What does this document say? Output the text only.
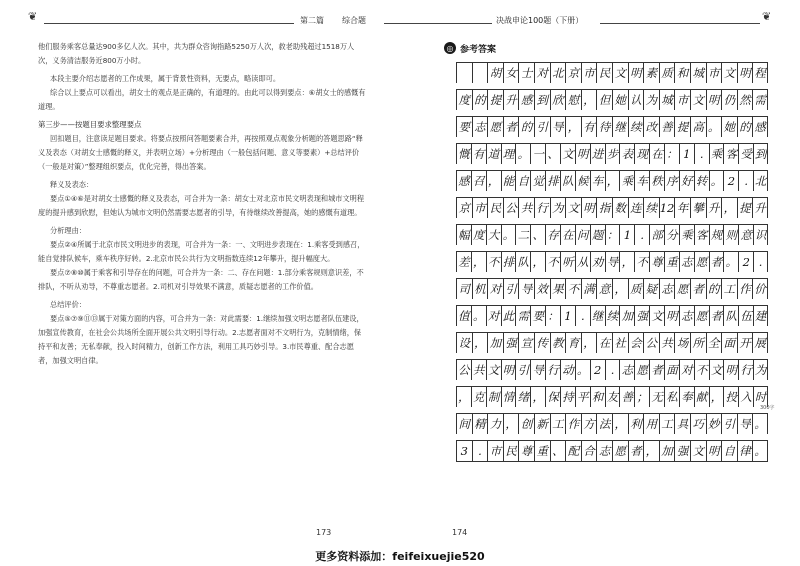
❦	第二篇 综合题	决战申论100题（下册）	❦

他们服务乘客总量达900多亿人次。其中，共为群众咨询指路5250万人次，救老助残超过1518万人次，义务清洁服务近800万小时。

本段主要介绍志愿者的工作成果，属于背景性资料，无要点，略读即可。

综合以上要点可以看出，胡女士的观点是正确的，有道理的。由此可以得到要点：⑥胡女士的感慨有道理。

第三步——按题目要求整理要点

回扣题目，注意读足题目要求。将要点按照问答题要素合并，再按照观点观象分析题的答题思路“释义及表态（对胡女士感慨的释义，并表明立场）+分析理由（一般包括问题、意义等要素）+总结评价（一般是对策）”整理组织要点，优化完善，得出答案。

释义及表态：

要点①④⑥是对胡女士感慨的释义及表态，可合并为一条：胡女士对北京市民文明表现和城市文明程度的提升感到欣慰，但她认为城市文明仍然需要志愿者的引导，有待继续改善提高，她的感慨有道理。

分析理由：

要点②④所属于北京市民文明进步的表现，可合并为一条：一、文明进步表现在：1.乘客受到感召，能自觉排队候车，乘车秩序好转。2.北京市民公共行为文明指数连续12年攀升，提升幅度大。

要点⑦⑧⑩属于乘客和引导存在的问题，可合并为一条：二、存在问题：1.部分乘客规则意识差，不排队，不听从劝导，不尊重志愿者。2.司机对引导效果不满意，质疑志愿者的工作价值。

总结评价：

要点⑤⑦⑨⑪⑬属于对策方面的内容，可合并为一条：对此需要：1.继续加强文明志愿者队伍建设，加强宣传教育，在社会公共场所全面开展公共文明引导行动。2.志愿者面对不文明行为，克制情绪，保持平和友善；无私奉献，投入时间精力，创新工作方法，利用工具巧妙引导。3.市民尊重、配合志愿者，加强文明自律。

173
◎ 参考答案
胡 女 士 对 北 京 市 民 文 明 素 质 和 城 市 文 明 程
度 的 提 升 感 到 欣 慰 ， 但 她 认 为 城 市 文 明 仍 然 需
要 志 愿 者 的 引 导 ， 有 待 继 续 改 善 提 高 。 她 的 感
慨 有 道 理 。 一 、 文 明 进 步 表 现 在 ： 1 . 乘 客 受 到
感 召 ， 能 自 觉 排 队 候 车 ， 乘 车 秩 序 好 转 。 2 . 北
京 市 民 公 共 行 为 文 明 指 数 连 续 12 年 攀 升 ， 提 升
幅 度 大 。 二 、 存 在 问 题 ： 1 . 部 分 乘 客 规 则 意 识
差 ， 不 排 队 ， 不 听 从 劝 导 ， 不 尊 重 志 愿 者 。 2 .
司 机 对 引 导 效 果 不 满 意 ， 质 疑 志 愿 者 的 工 作 价
值 。 对 此 需 要 ： 1 . 继 续 加 强 文 明 志 愿 者 队 伍 建
设 ， 加 强 宣 传 教 育 ， 在 社 会 公 共 场 所 全 面 开 展
公 共 文 明 引 导 行 动 。 2 . 志 愿 者 面 对 不 文 明 行 为
， 克 制 情 绪 ， 保 持 平 和 友 善 ； 无 私 奉 献 ， 投 入 时
间 精 力 ， 创 新 工 作 方 法 ， 利 用 工 具 巧 妙 引 导 。
3 . 市 民 尊 重 、 配 合 志 愿 者 ， 加 强 文 明 自 律 。
300字
174
更多资料添加：feifeixuejie520
